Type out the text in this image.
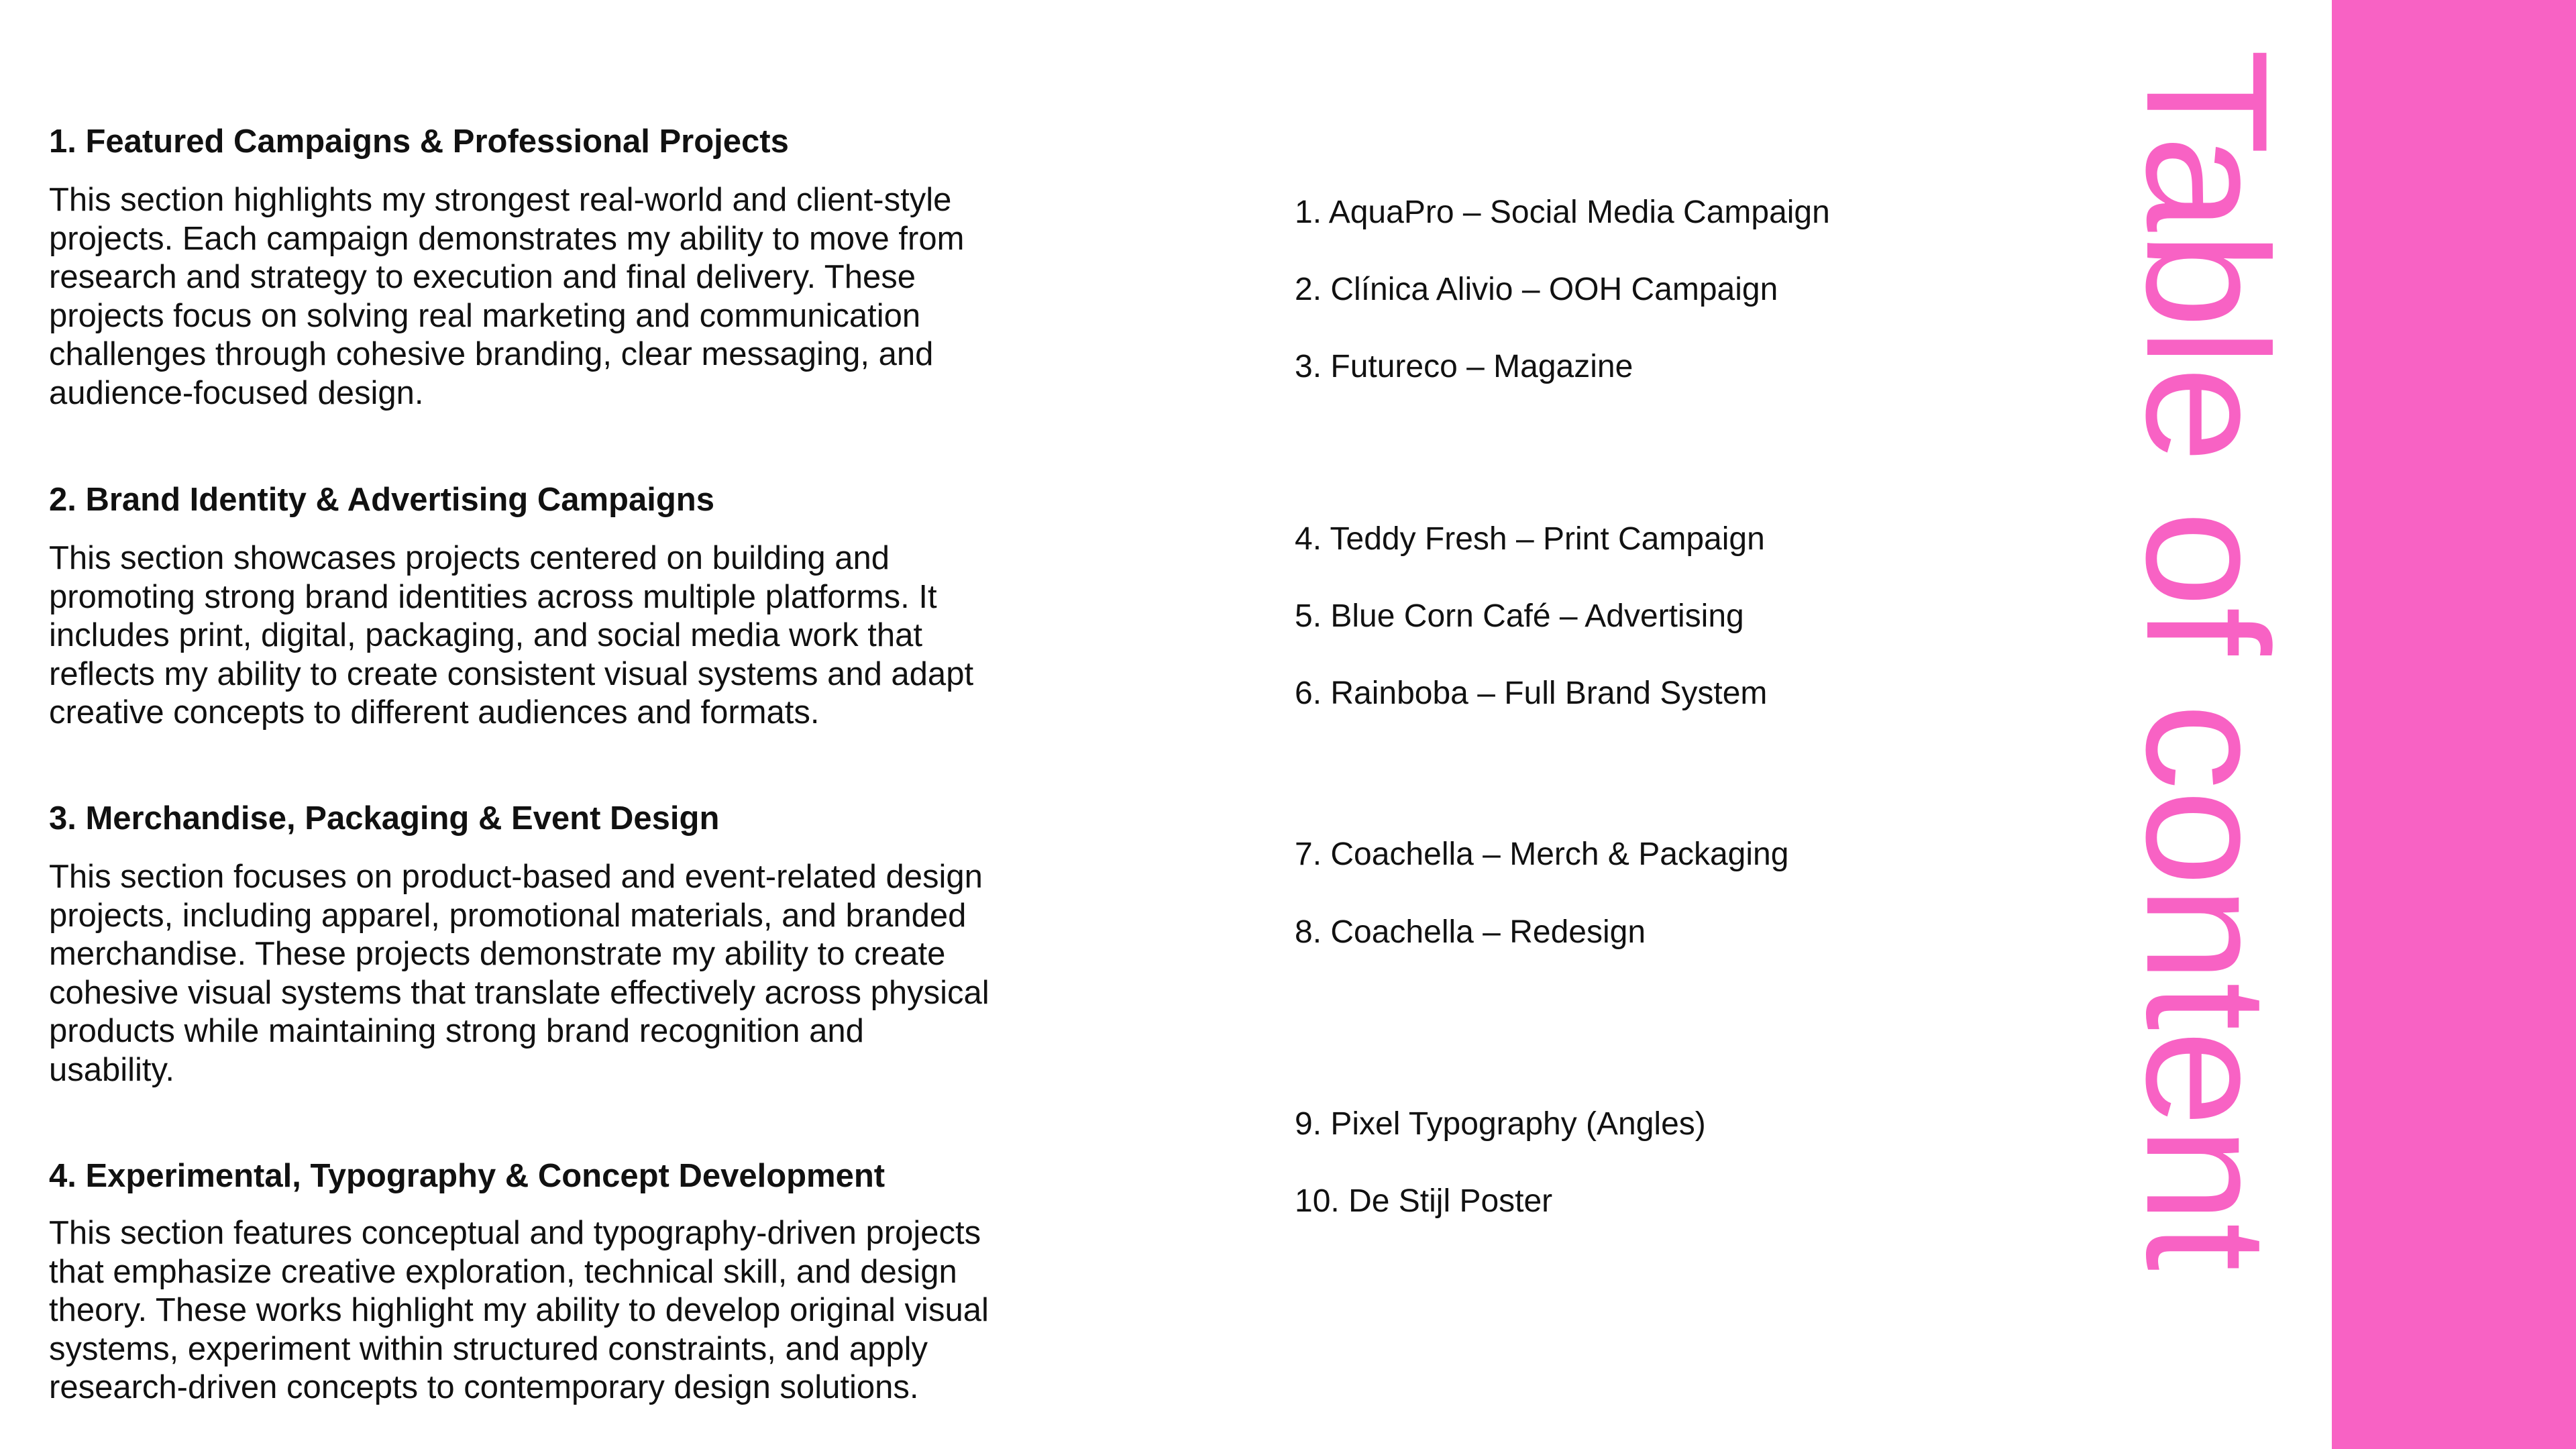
1. Featured Campaigns & Professional Projects
This section highlights my strongest real-world and client-style
projects. Each campaign demonstrates my ability to move from
research and strategy to execution and final delivery. These
projects focus on solving real marketing and communication
challenges through cohesive branding, clear messaging, and
audience-focused design.
2. Brand Identity & Advertising Campaigns
This section showcases projects centered on building and
promoting strong brand identities across multiple platforms. It
includes print, digital, packaging, and social media work that
reflects my ability to create consistent visual systems and adapt
creative concepts to different audiences and formats.
3. Merchandise, Packaging & Event Design
This section focuses on product-based and event-related design
projects, including apparel, promotional materials, and branded
merchandise. These projects demonstrate my ability to create
cohesive visual systems that translate effectively across physical
products while maintaining strong brand recognition and
usability.
4. Experimental, Typography & Concept Development
This section features conceptual and typography-driven projects
that emphasize creative exploration, technical skill, and design
theory. These works highlight my ability to develop original visual
systems, experiment within structured constraints, and apply
research-driven concepts to contemporary design solutions.
1. AquaPro – Social Media Campaign
2. Clínica Alivio – OOH Campaign
3. Futureco – Magazine
4. Teddy Fresh – Print Campaign
5. Blue Corn Café – Advertising
6. Rainboba – Full Brand System
7. Coachella – Merch & Packaging
8. Coachella – Redesign
9. Pixel Typography (Angles)
10. De Stijl Poster	Table of content
